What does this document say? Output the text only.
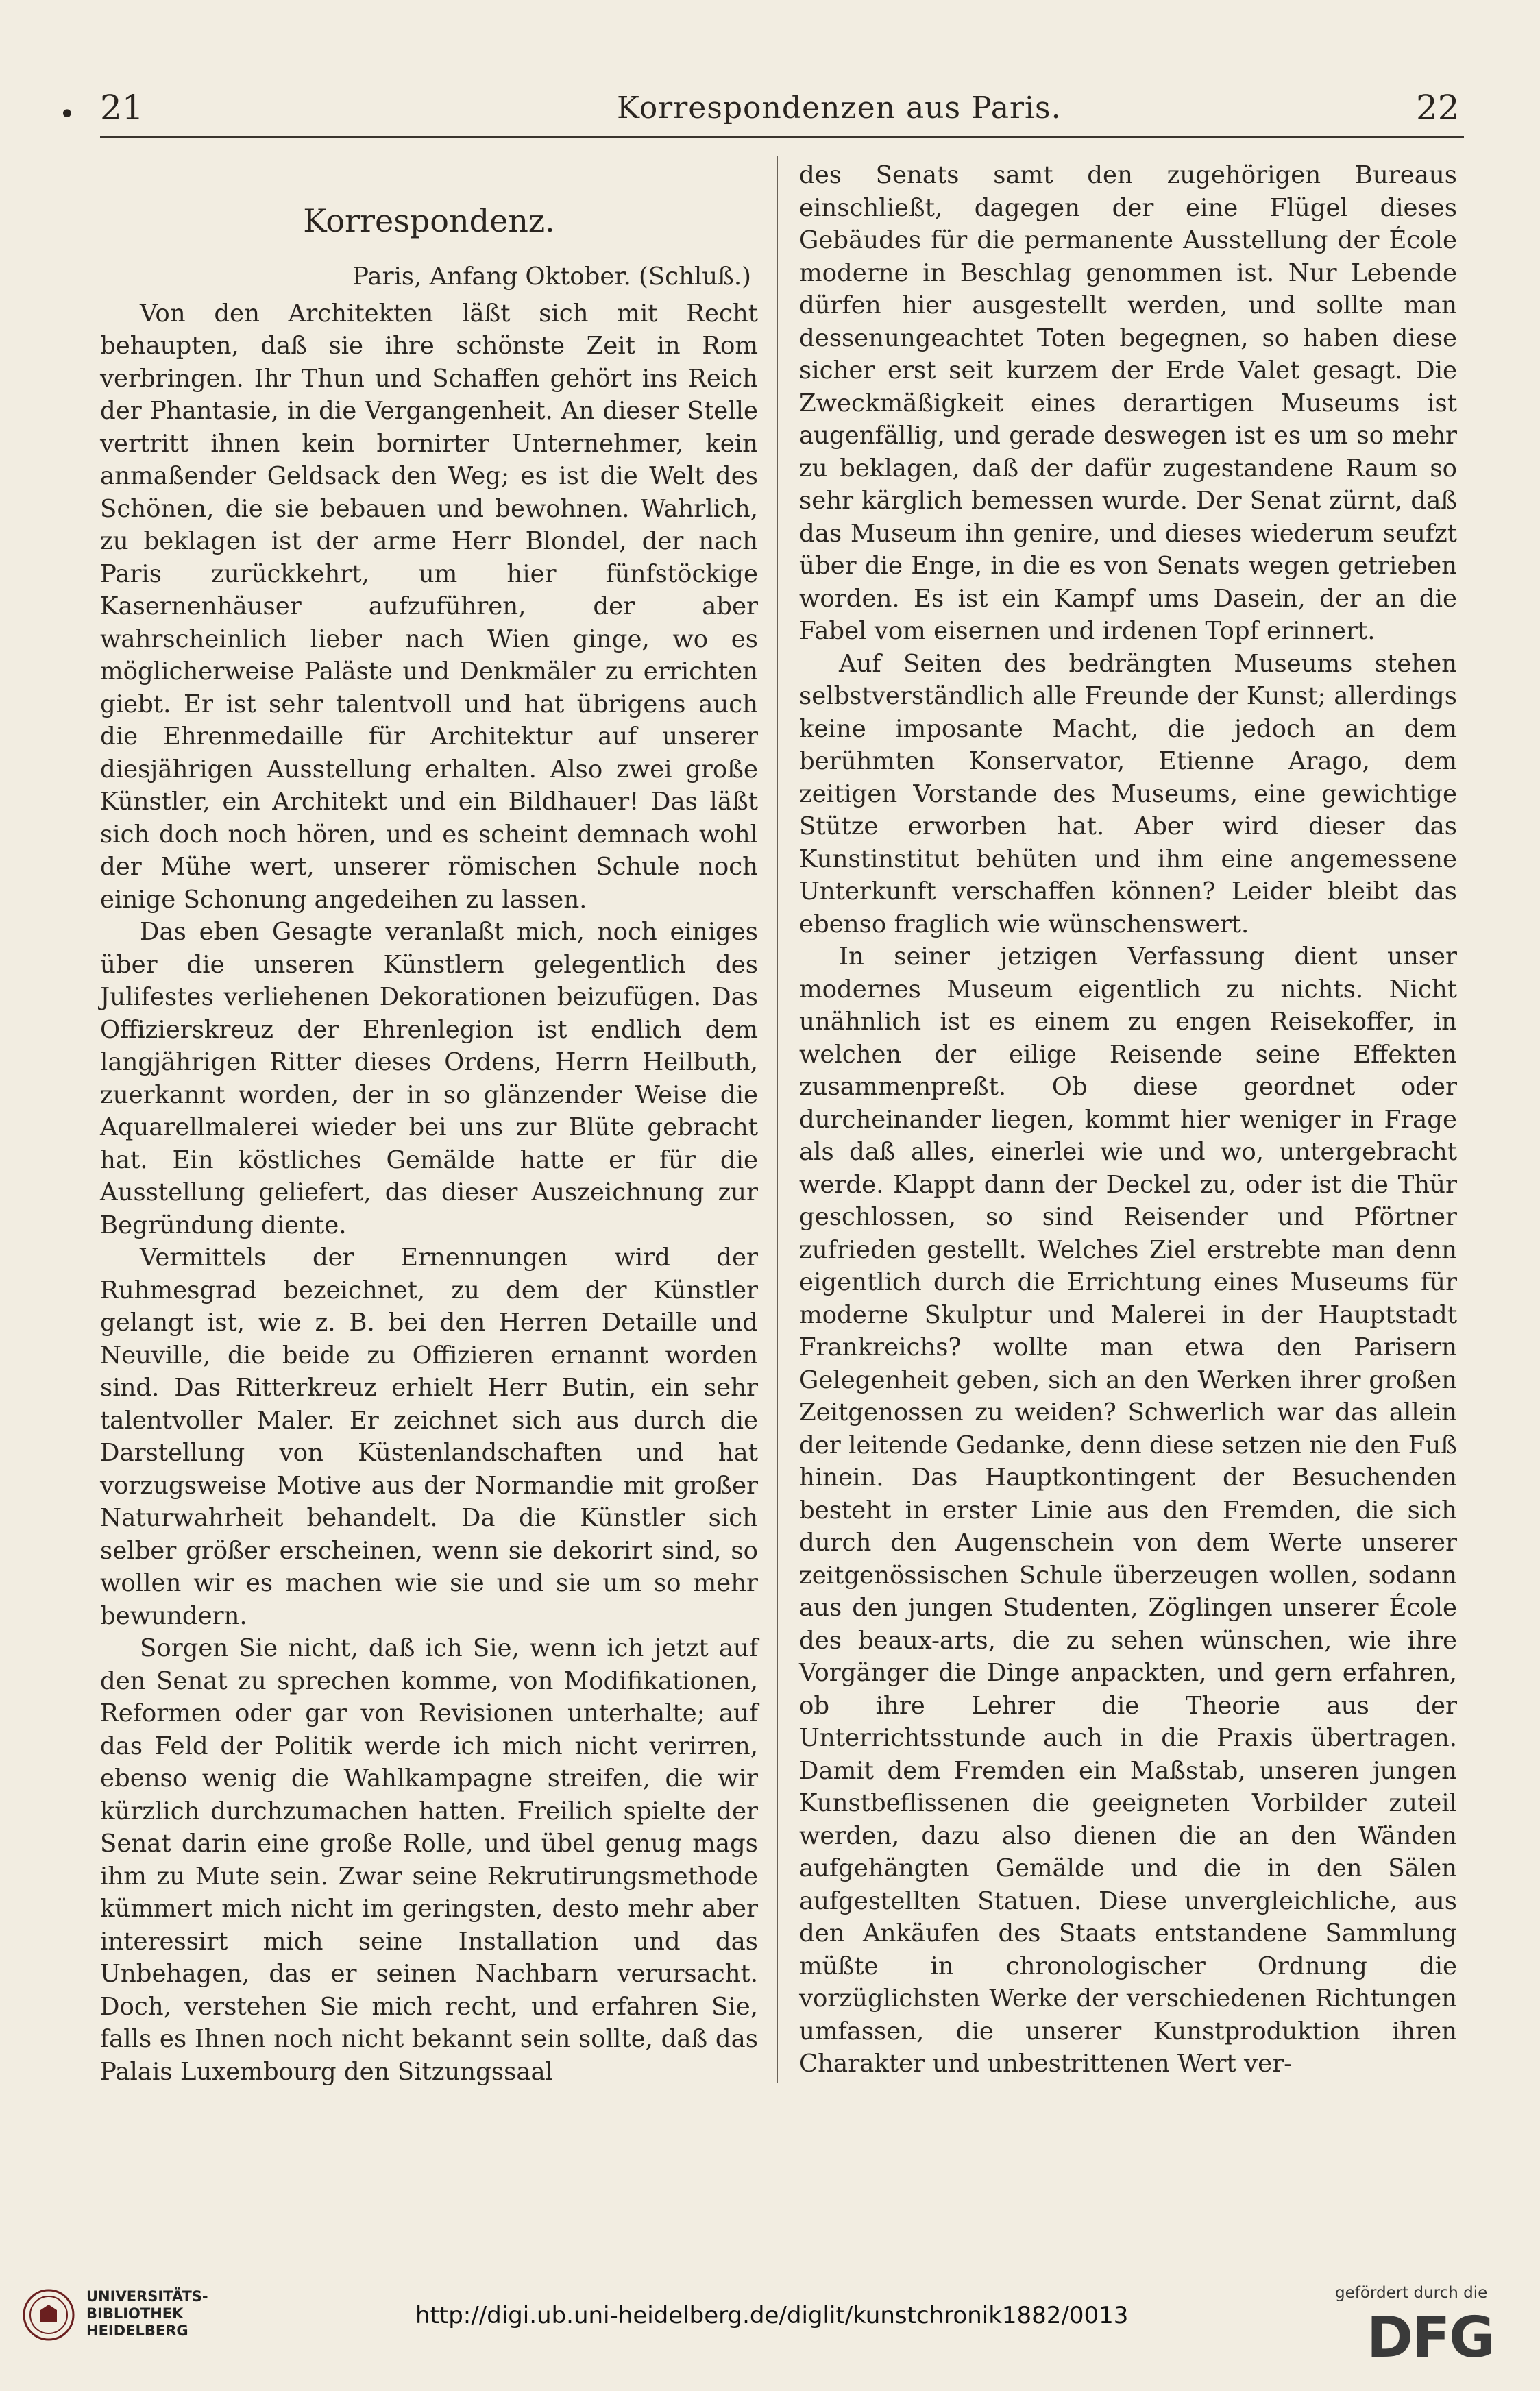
• 21	Korrespondenzen aus Paris.	22
Korrespondenz.
Paris, Anfang Oktober. (Schluß.)

Von den Architekten läßt sich mit Recht behaupten, daß sie ihre schönste Zeit in Rom verbringen. Ihr Thun und Schaffen gehört ins Reich der Phantasie, in die Vergangenheit. An dieser Stelle vertritt ihnen kein bornirter Unternehmer, kein anmaßender Geldsack den Weg; es ist die Welt des Schönen, die sie bebauen und bewohnen. Wahrlich, zu beklagen ist der arme Herr Blondel, der nach Paris zurückkehrt, um hier fünfstöckige Kasernenhäuser aufzuführen, der aber wahrscheinlich lieber nach Wien ginge, wo es möglicherweise Paläste und Denkmäler zu errichten giebt. Er ist sehr talentvoll und hat übrigens auch die Ehrenmedaille für Architektur auf unserer diesjährigen Ausstellung erhalten. Also zwei große Künstler, ein Architekt und ein Bildhauer! Das läßt sich doch noch hören, und es scheint demnach wohl der Mühe wert, unserer römischen Schule noch einige Schonung angedeihen zu lassen.

Das eben Gesagte veranlaßt mich, noch einiges über die unseren Künstlern gelegentlich des Julifestes verliehenen Dekorationen beizufügen. Das Offizierskreuz der Ehrenlegion ist endlich dem langjährigen Ritter dieses Ordens, Herrn Heilbuth, zuerkannt worden, der in so glänzender Weise die Aquarellmalerei wieder bei uns zur Blüte gebracht hat. Ein köstliches Gemälde hatte er für die Ausstellung geliefert, das dieser Auszeichnung zur Begründung diente.

Vermittels der Ernennungen wird der Ruhmesgrad bezeichnet, zu dem der Künstler gelangt ist, wie z. B. bei den Herren Detaille und Neuville, die beide zu Offizieren ernannt worden sind. Das Ritterkreuz erhielt Herr Butin, ein sehr talentvoller Maler. Er zeichnet sich aus durch die Darstellung von Küstenlandschaften und hat vorzugsweise Motive aus der Normandie mit großer Naturwahrheit behandelt. Da die Künstler sich selber größer erscheinen, wenn sie dekorirt sind, so wollen wir es machen wie sie und sie um so mehr bewundern.

Sorgen Sie nicht, daß ich Sie, wenn ich jetzt auf den Senat zu sprechen komme, von Modifikationen, Reformen oder gar von Revisionen unterhalte; auf das Feld der Politik werde ich mich nicht verirren, ebenso wenig die Wahlkampagne streifen, die wir kürzlich durchzumachen hatten. Freilich spielte der Senat darin eine große Rolle, und übel genug mags ihm zu Mute sein. Zwar seine Rekrutirungsmethode kümmert mich nicht im geringsten, desto mehr aber interessirt mich seine Installation und das Unbehagen, das er seinen Nachbarn verursacht. Doch, verstehen Sie mich recht, und erfahren Sie, falls es Ihnen noch nicht bekannt sein sollte, daß das Palais Luxembourg den Sitzungssaal

des Senats samt den zugehörigen Bureaus einschließt, dagegen der eine Flügel dieses Gebäudes für die permanente Ausstellung der École moderne in Beschlag genommen ist. Nur Lebende dürfen hier ausgestellt werden, und sollte man dessenungeachtet Toten begegnen, so haben diese sicher erst seit kurzem der Erde Valet gesagt. Die Zweckmäßigkeit eines derartigen Museums ist augenfällig, und gerade deswegen ist es um so mehr zu beklagen, daß der dafür zugestandene Raum so sehr kärglich bemessen wurde. Der Senat zürnt, daß das Museum ihn genire, und dieses wiederum seufzt über die Enge, in die es von Senats wegen getrieben worden. Es ist ein Kampf ums Dasein, der an die Fabel vom eisernen und irdenen Topf erinnert.

Auf Seiten des bedrängten Museums stehen selbstverständlich alle Freunde der Kunst; allerdings keine imposante Macht, die jedoch an dem berühmten Konservator, Etienne Arago, dem zeitigen Vorstande des Museums, eine gewichtige Stütze erworben hat. Aber wird dieser das Kunstinstitut behüten und ihm eine angemessene Unterkunft verschaffen können? Leider bleibt das ebenso fraglich wie wünschenswert.

In seiner jetzigen Verfassung dient unser modernes Museum eigentlich zu nichts. Nicht unähnlich ist es einem zu engen Reisekoffer, in welchen der eilige Reisende seine Effekten zusammenpreßt. Ob diese geordnet oder durcheinander liegen, kommt hier weniger in Frage als daß alles, einerlei wie und wo, untergebracht werde. Klappt dann der Deckel zu, oder ist die Thür geschlossen, so sind Reisender und Pförtner zufrieden gestellt. Welches Ziel erstrebte man denn eigentlich durch die Errichtung eines Museums für moderne Skulptur und Malerei in der Hauptstadt Frankreichs? wollte man etwa den Parisern Gelegenheit geben, sich an den Werken ihrer großen Zeitgenossen zu weiden? Schwerlich war das allein der leitende Gedanke, denn diese setzen nie den Fuß hinein. Das Hauptkontingent der Besuchenden besteht in erster Linie aus den Fremden, die sich durch den Augenschein von dem Werte unserer zeitgenössischen Schule überzeugen wollen, sodann aus den jungen Studenten, Zöglingen unserer École des beaux-arts, die zu sehen wünschen, wie ihre Vorgänger die Dinge anpackten, und gern erfahren, ob ihre Lehrer die Theorie aus der Unterrichtsstunde auch in die Praxis übertragen. Damit dem Fremden ein Maßstab, unseren jungen Kunstbeflissenen die geeigneten Vorbilder zuteil werden, dazu also dienen die an den Wänden aufgehängten Gemälde und die in den Sälen aufgestellten Statuen. Diese unvergleichliche, aus den Ankäufen des Staats entstandene Sammlung müßte in chronologischer Ordnung die vorzüglichsten Werke der verschiedenen Richtungen umfassen, die unserer Kunstproduktion ihren Charakter und unbestrittenen Wert ver-

UNIVERSITÄTS-
BIBLIOTHEK
HEIDELBERG
http://digi.ub.uni-heidelberg.de/diglit/kunstchronik1882/0013
gefördert durch die
DFG
